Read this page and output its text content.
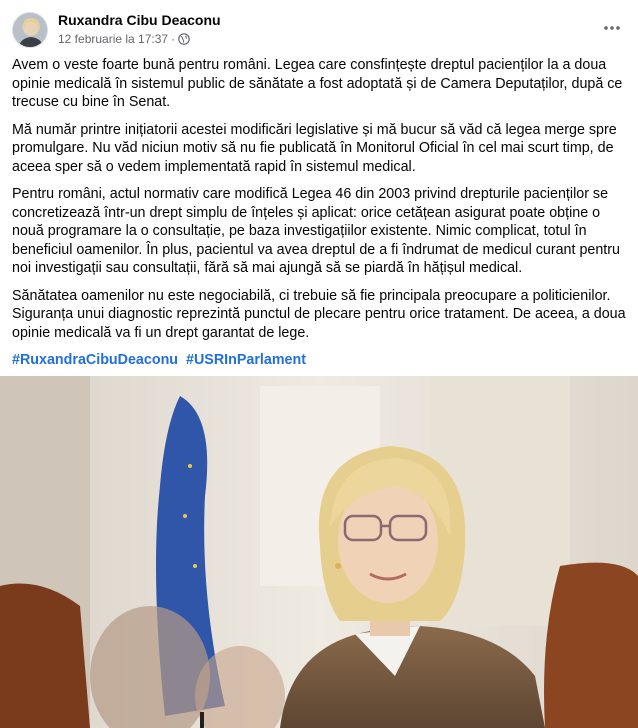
Ruxandra Cibu Deaconu
12 februarie la 17:37 ·

Avem o veste foarte bună pentru români. Legea care consfințește dreptul pacienților la a doua opinie medicală în sistemul public de sănătate a fost adoptată și de Camera Deputaților, după ce trecuse cu bine în Senat.

Mă număr printre inițiatorii acestei modificări legislative și mă bucur să văd că legea merge spre promulgare. Nu văd niciun motiv să nu fie publicată în Monitorul Oficial în cel mai scurt timp, de aceea sper să o vedem implementată rapid în sistemul medical.

Pentru români, actul normativ care modifică Legea 46 din 2003 privind drepturile pacienților se concretizează într-un drept simplu de înțeles și aplicat: orice cetățean asigurat poate obține o nouă programare la o consultație, pe baza investigațiilor existente. Nimic complicat, totul în beneficiul oamenilor. În plus, pacientul va avea dreptul de a fi îndrumat de medicul curant pentru noi investigații sau consultații, fără să mai ajungă să se piardă în hățișul medical.

Sănătatea oamenilor nu este negociabilă, ci trebuie să fie principala preocupare a politicienilor. Siguranța unui diagnostic reprezintă punctul de plecare pentru orice tratament. De aceea, a doua opinie medicală va fi un drept garantat de lege.

#RuxandraCibuDeaconu #USRInParlament
